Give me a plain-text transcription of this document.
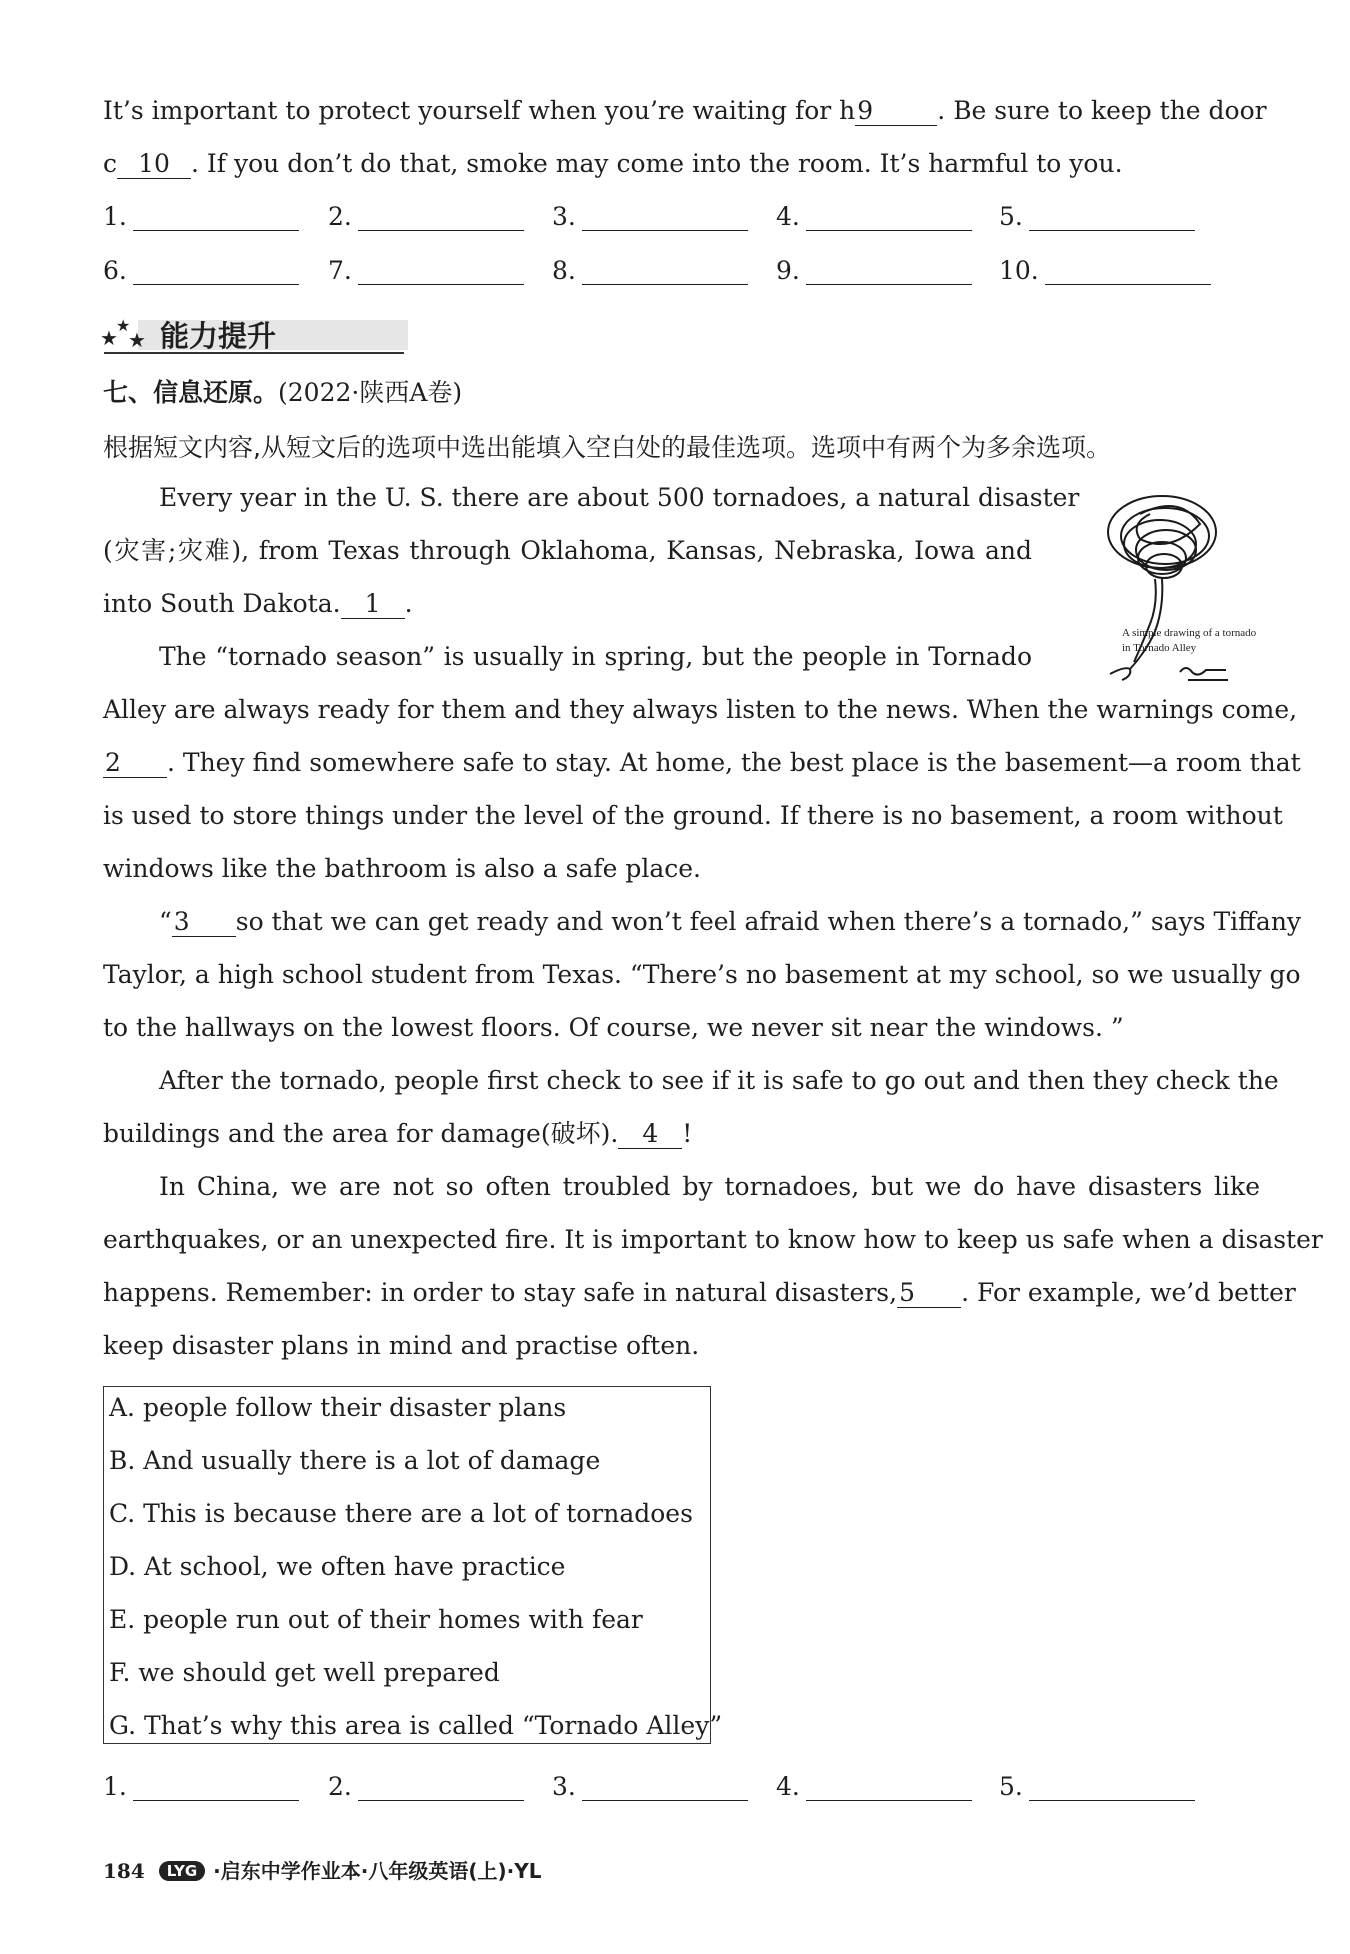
It’s important to protect yourself when you’re waiting for h9	. Be sure to keep the door
c 10 . If you don’t do that, smoke may come into the room. It’s harmful to you.
1.	2.	3.	4.	5.
6.	7.	8.	9.	10.
★
★
★ 能力提升
七、信息还原。(2022·陕西A卷)
根据短文内容,从短文后的选项中选出能填入空白处的最佳选项。选项中有两个为多余选项。
A simple drawing of a tornado in Tornado Alley
Every year in the U. S. there are about 500 tornadoes, a natural disaster
(灾害;灾难), from Texas through Oklahoma, Kansas, Nebraska, Iowa and
into South Dakota. 1 .
The “tornado season” is usually in spring, but the people in Tornado
Alley are always ready for them and they always listen to the news. When the warnings come,
2 . They find somewhere safe to stay. At home, the best place is the basement—a room that
is used to store things under the level of the ground. If there is no basement, a room without
windows like the bathroom is also a safe place.
“3 so that we can get ready and won’t feel afraid when there’s a tornado,” says Tiffany
Taylor, a high school student from Texas. “There’s no basement at my school, so we usually go
to the hallways on the lowest floors. Of course, we never sit near the windows. ”
After the tornado, people first check to see if it is safe to go out and then they check the
buildings and the area for damage(破坏). 4 !
In China, we are not so often troubled by tornadoes, but we do have disasters like
earthquakes, or an unexpected fire. It is important to know how to keep us safe when a disaster
happens. Remember: in order to stay safe in natural disasters,5 . For example, we’d better
keep disaster plans in mind and practise often.
A. people follow their disaster plans
B. And usually there is a lot of damage
C. This is because there are a lot of tornadoes
D. At school, we often have practice
E. people run out of their homes with fear
F. we should get well prepared
G. That’s why this area is called “Tornado Alley”
1.	2.	3.	4.	5.
184 LYG ·启东中学作业本·八年级英语(上)·YL
